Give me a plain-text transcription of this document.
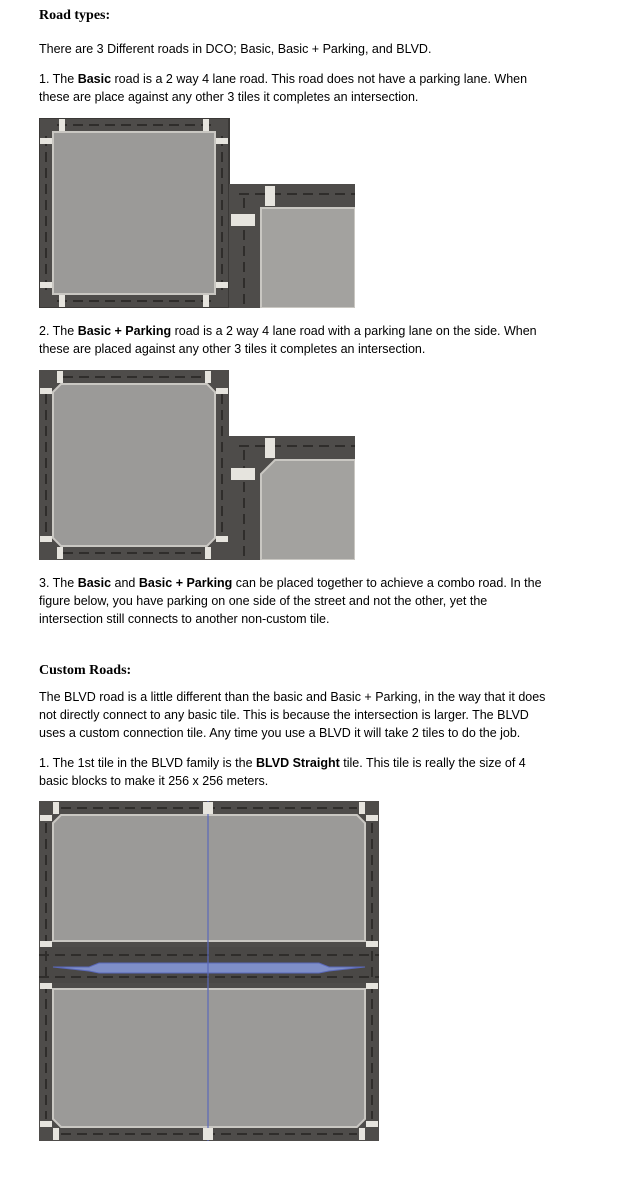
Road types:

There are 3 Different roads in DCO; Basic, Basic + Parking, and BLVD.

1. The Basic road is a 2 way 4 lane road. This road does not have a parking lane. When
these are place against any other 3 tiles it completes an intersection.

2. The Basic + Parking road is a 2 way 4 lane road with a parking lane on the side. When
these are placed against any other 3 tiles it completes an intersection.

3. The Basic and Basic + Parking can be placed together to achieve a combo road. In the
figure below, you have parking on one side of the street and not the other, yet the
intersection still connects to another non-custom tile.

Custom Roads:

The BLVD road is a little different than the basic and Basic + Parking, in the way that it does
not directly connect to any basic tile. This is because the intersection is larger. The BLVD
uses a custom connection tile. Any time you use a BLVD it will take 2 tiles to do the job.

1. The 1st tile in the BLVD family is the BLVD Straight tile. This tile is really the size of 4
basic blocks to make it 256 x 256 meters.
